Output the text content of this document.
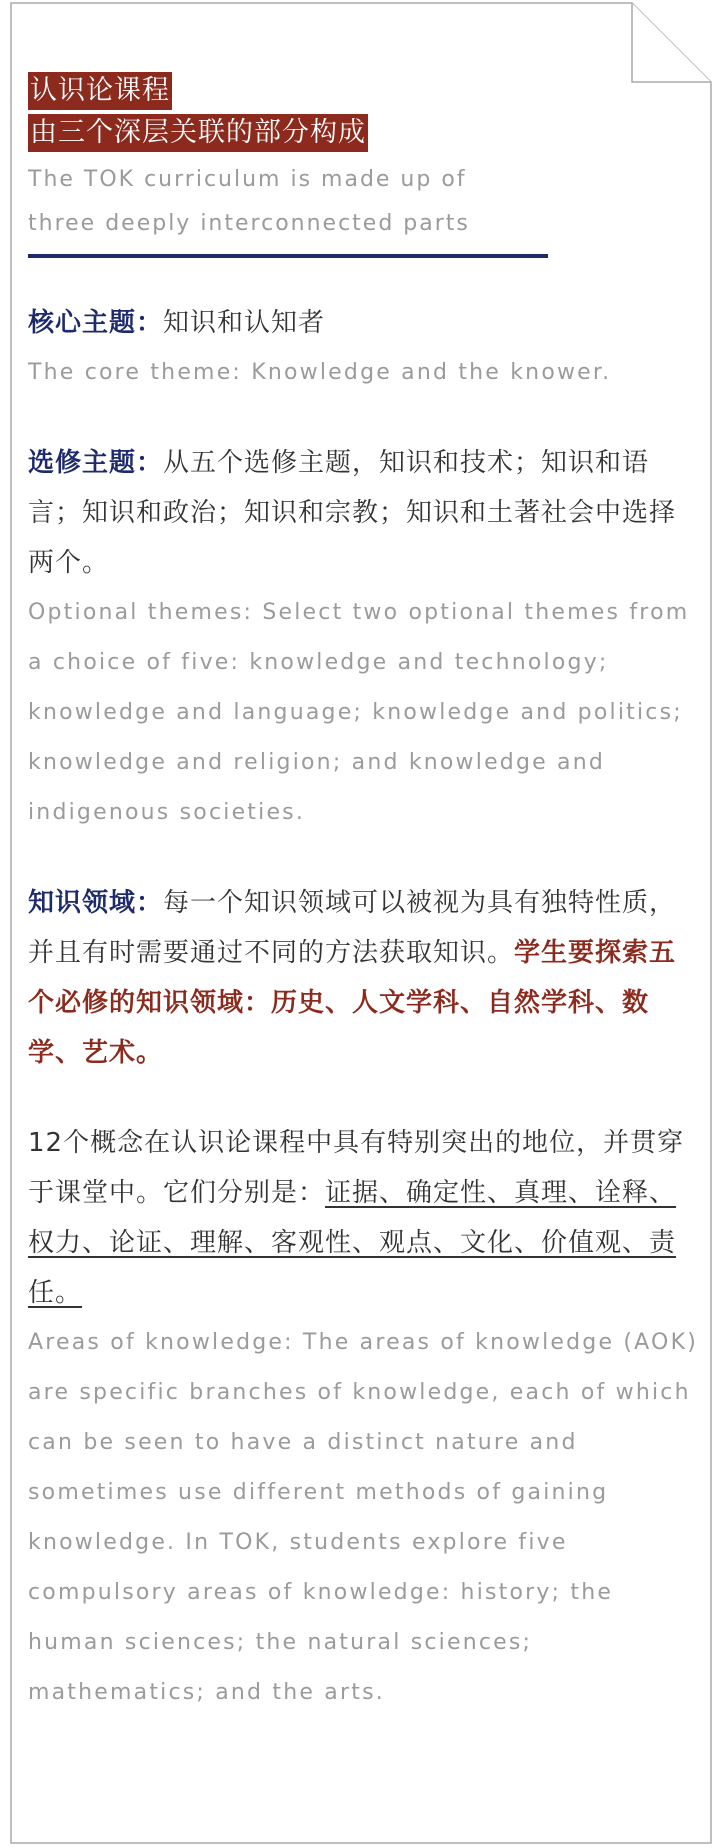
认识论课程
由三个深层关联的部分构成
The TOK curriculum is made up of
three deeply interconnected parts
核心主题：知识和认知者
The core theme: Knowledge and the knower.
选修主题：从五个选修主题，知识和技术；知识和语言；知识和政治；知识和宗教；知识和土著社会中选择两个。
Optional themes: Select two optional themes from a choice of five: knowledge and technology; knowledge and language; knowledge and politics; knowledge and religion; and knowledge and indigenous societies.
知识领域：每一个知识领域可以被视为具有独特性质，并且有时需要通过不同的方法获取知识。学生要探索五个必修的知识领域：历史、人文学科、自然学科、数学、艺术。
12个概念在认识论课程中具有特别突出的地位，并贯穿于课堂中。它们分别是：证据、确定性、真理、诠释、权力、论证、理解、客观性、观点、文化、价值观、责任。
Areas of knowledge: The areas of knowledge (AOK) are specific branches of knowledge, each of which can be seen to have a distinct nature and sometimes use different methods of gaining knowledge. In TOK, students explore five compulsory areas of knowledge: history; the human sciences; the natural sciences; mathematics; and the arts.
